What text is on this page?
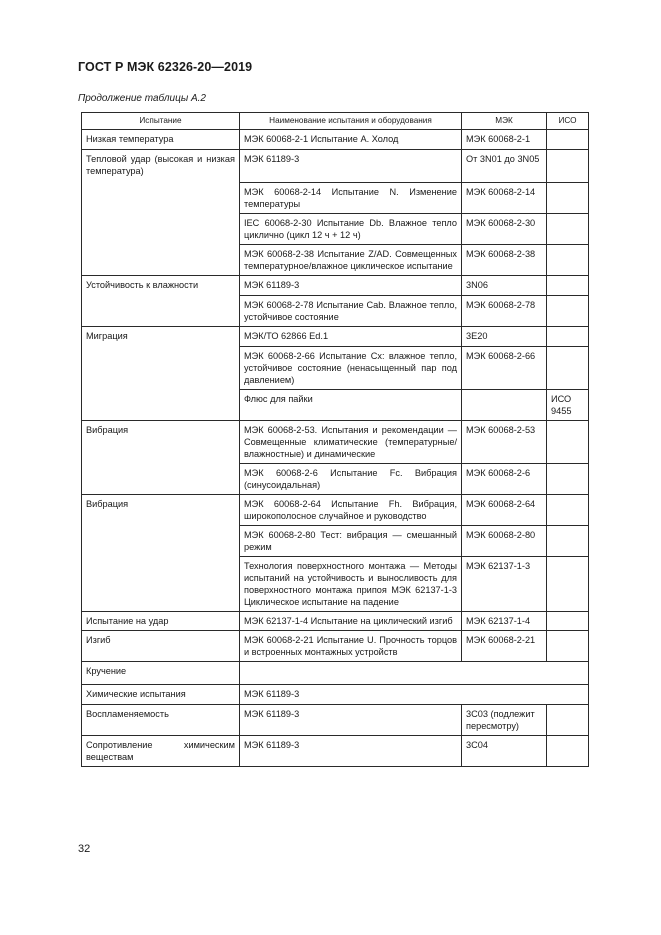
ГОСТ Р МЭК 62326-20—2019
Продолжение таблицы А.2
Испытание	Наименование испытания и оборудования	МЭК	ИСО
Низкая температура	МЭК 60068-2-1 Испытание А. Холод	МЭК 60068-2-1	
Тепловой удар (высокая и низкая температура)	МЭК 61189-3	От 3N01 до 3N05	
	МЭК 60068-2-14 Испытание N. Изменение температуры	МЭК 60068-2-14	
	IEC 60068-2-30 Испытание Db. Влажное тепло циклично (цикл 12 ч + 12 ч)	МЭК 60068-2-30	
	МЭК 60068-2-38 Испытание Z/AD. Совмещенных температурное/влажное циклическое испытание	МЭК 60068-2-38	
Устойчивость к влажности	МЭК 61189-3	3N06	
	МЭК 60068-2-78 Испытание Cab. Влажное тепло, устойчивое состояние	МЭК 60068-2-78	
Миграция	МЭК/ТО 62866 Ed.1	3E20	
	МЭК 60068-2-66 Испытание Cx: влажное тепло, устойчивое состояние (ненасыщенный пар под давлением)	МЭК 60068-2-66	
	Флюс для пайки		ИСО 9455
Вибрация	МЭК 60068-2-53. Испытания и рекомендации — Совмещенные климатические (температурные/влажностные) и динамические	МЭК 60068-2-53	
	МЭК 60068-2-6 Испытание Fc. Вибрация (синусоидальная)	МЭК 60068-2-6	
Вибрация	МЭК 60068-2-64 Испытание Fh. Вибрация, широкополосное случайное и руководство	МЭК 60068-2-64	
	МЭК 60068-2-80 Тест: вибрация — смешанный режим	МЭК 60068-2-80	
	Технология поверхностного монтажа — Методы испытаний на устойчивость и выносливость для поверхностного монтажа припоя МЭК 62137-1-3 Циклическое испытание на падение	МЭК 62137-1-3	
Испытание на удар	МЭК 62137-1-4 Испытание на циклический изгиб	МЭК 62137-1-4	
Изгиб	МЭК 60068-2-21 Испытание U. Прочность торцов и встроенных монтажных устройств	МЭК 60068-2-21	
Кручение			
Химические испытания	МЭК 61189-3		
Воспламеняемость	МЭК 61189-3	3C03 (подлежит пересмотру)	
Сопротивление химическим веществам	МЭК 61189-3	3C04	
32
